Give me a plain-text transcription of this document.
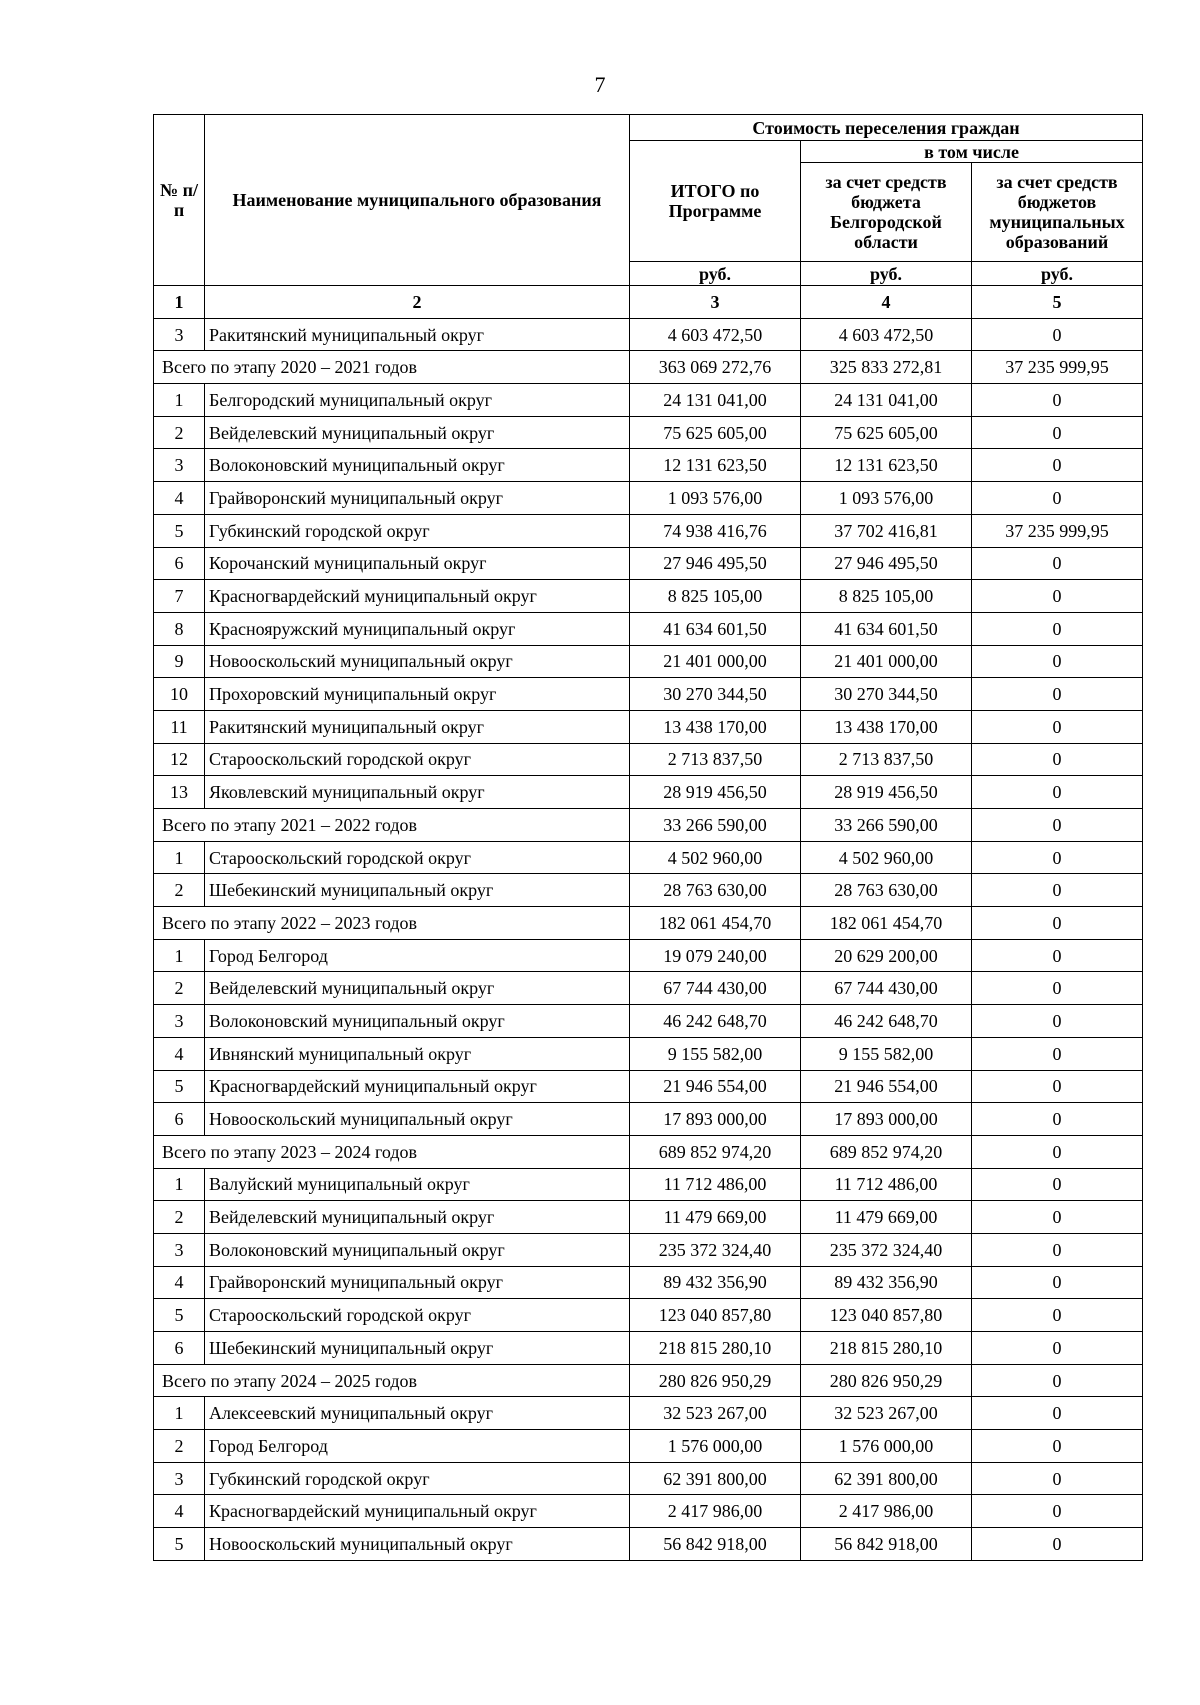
7
№ п/п	Наименование муниципального образования	Стоимость переселения граждан		
		ИТОГО по Программе	в том числе	
			за счет средств бюджета Белгородской области	за счет средств бюджетов муниципальных образований
		руб.	руб.	руб.
1	2	3	4	5
3	Ракитянский муниципальный округ	4 603 472,50	4 603 472,50	0
Всего по этапу 2020 – 2021 годов		363 069 272,76	325 833 272,81	37 235 999,95
1	Белгородский муниципальный округ	24 131 041,00	24 131 041,00	0
2	Вейделевский муниципальный округ	75 625 605,00	75 625 605,00	0
3	Волоконовский муниципальный округ	12 131 623,50	12 131 623,50	0
4	Грайворонский муниципальный округ	1 093 576,00	1 093 576,00	0
5	Губкинский городской округ	74 938 416,76	37 702 416,81	37 235 999,95
6	Корочанский муниципальный округ	27 946 495,50	27 946 495,50	0
7	Красногвардейский муниципальный округ	8 825 105,00	8 825 105,00	0
8	Краснояружский муниципальный округ	41 634 601,50	41 634 601,50	0
9	Новооскольский муниципальный округ	21 401 000,00	21 401 000,00	0
10	Прохоровский муниципальный округ	30 270 344,50	30 270 344,50	0
11	Ракитянский муниципальный округ	13 438 170,00	13 438 170,00	0
12	Старооскольский городской округ	2 713 837,50	2 713 837,50	0
13	Яковлевский муниципальный округ	28 919 456,50	28 919 456,50	0
Всего по этапу 2021 – 2022 годов		33 266 590,00	33 266 590,00	0
1	Старооскольский городской округ	4 502 960,00	4 502 960,00	0
2	Шебекинский муниципальный округ	28 763 630,00	28 763 630,00	0
Всего по этапу 2022 – 2023 годов		182 061 454,70	182 061 454,70	0
1	Город Белгород	19 079 240,00	20 629 200,00	0
2	Вейделевский муниципальный округ	67 744 430,00	67 744 430,00	0
3	Волоконовский муниципальный округ	46 242 648,70	46 242 648,70	0
4	Ивнянский муниципальный округ	9 155 582,00	9 155 582,00	0
5	Красногвардейский муниципальный округ	21 946 554,00	21 946 554,00	0
6	Новооскольский муниципальный округ	17 893 000,00	17 893 000,00	0
Всего по этапу 2023 – 2024 годов		689 852 974,20	689 852 974,20	0
1	Валуйский муниципальный округ	11 712 486,00	11 712 486,00	0
2	Вейделевский муниципальный округ	11 479 669,00	11 479 669,00	0
3	Волоконовский муниципальный округ	235 372 324,40	235 372 324,40	0
4	Грайворонский муниципальный округ	89 432 356,90	89 432 356,90	0
5	Старооскольский городской округ	123 040 857,80	123 040 857,80	0
6	Шебекинский муниципальный округ	218 815 280,10	218 815 280,10	0
Всего по этапу 2024 – 2025 годов		280 826 950,29	280 826 950,29	0
1	Алексеевский муниципальный округ	32 523 267,00	32 523 267,00	0
2	Город Белгород	1 576 000,00	1 576 000,00	0
3	Губкинский городской округ	62 391 800,00	62 391 800,00	0
4	Красногвардейский муниципальный округ	2 417 986,00	2 417 986,00	0
5	Новооскольский муниципальный округ	56 842 918,00	56 842 918,00	0
